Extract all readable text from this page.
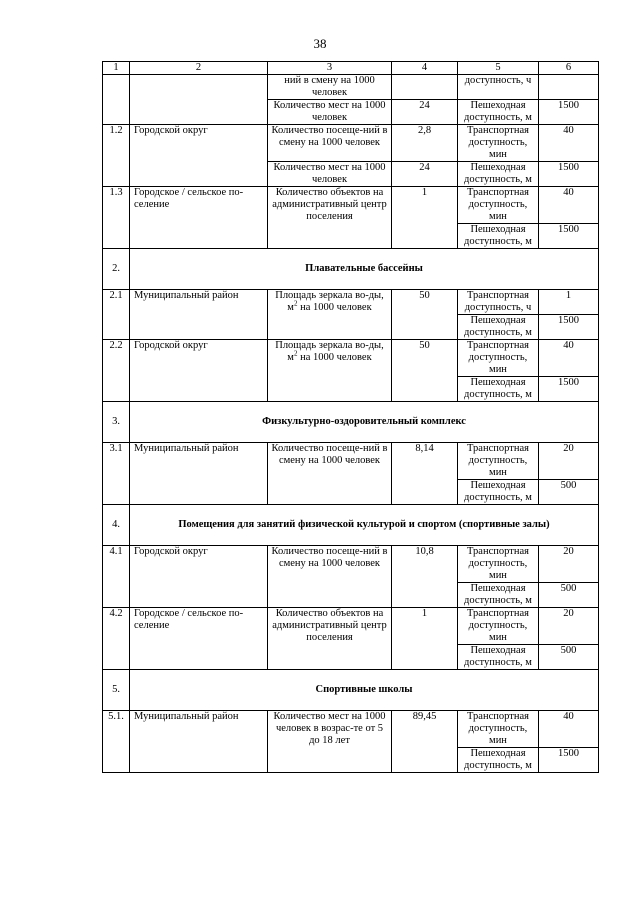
38
1	2	3	4	5	6
		ний в смену на 1000 человек		доступность, ч	
		Количество мест на 1000 человек	24	Пешеходная доступность, м	1500
1.2	Городской округ	Количество посеще-ний в смену на 1000 человек	2,8	Транспортная доступность, мин	40
		Количество мест на 1000 человек	24	Пешеходная доступность, м	1500
1.3	Городское / сельское по-селение	Количество объектов на административный центр поселения	1	Транспортная доступность, мин	40
				Пешеходная доступность, м	1500
2.	Плавательные бассейны				
2.1	Муниципальный район	Площадь зеркала во-ды, $м^2$ на 1000 человек	50	Транспортная доступность, ч	1
				Пешеходная доступность, м	1500
2.2	Городской округ	Площадь зеркала во-ды, $м^2$ на 1000 человек	50	Транспортная доступность, мин	40
				Пешеходная доступность, м	1500
3.	Физкультурно-оздоровительный комплекс				
3.1	Муниципальный район	Количество посеще-ний в смену на 1000 человек	8,14	Транспортная доступность, мин	20
				Пешеходная доступность, м	500
4.	Помещения для занятий физической культурой и спортом (спортивные залы)				
4.1	Городской округ	Количество посеще-ний в смену на 1000 человек	10,8	Транспортная доступность, мин	20
				Пешеходная доступность, м	500
4.2	Городское / сельское по-селение	Количество объектов на административный центр поселения	1	Транспортная доступность, мин	20
				Пешеходная доступность, м	500
5.	Спортивные школы				
5.1.	Муниципальный район	Количество мест на 1000 человек в возрас-те от 5 до 18 лет	89,45	Транспортная доступность, мин	40
				Пешеходная доступность, м	1500
